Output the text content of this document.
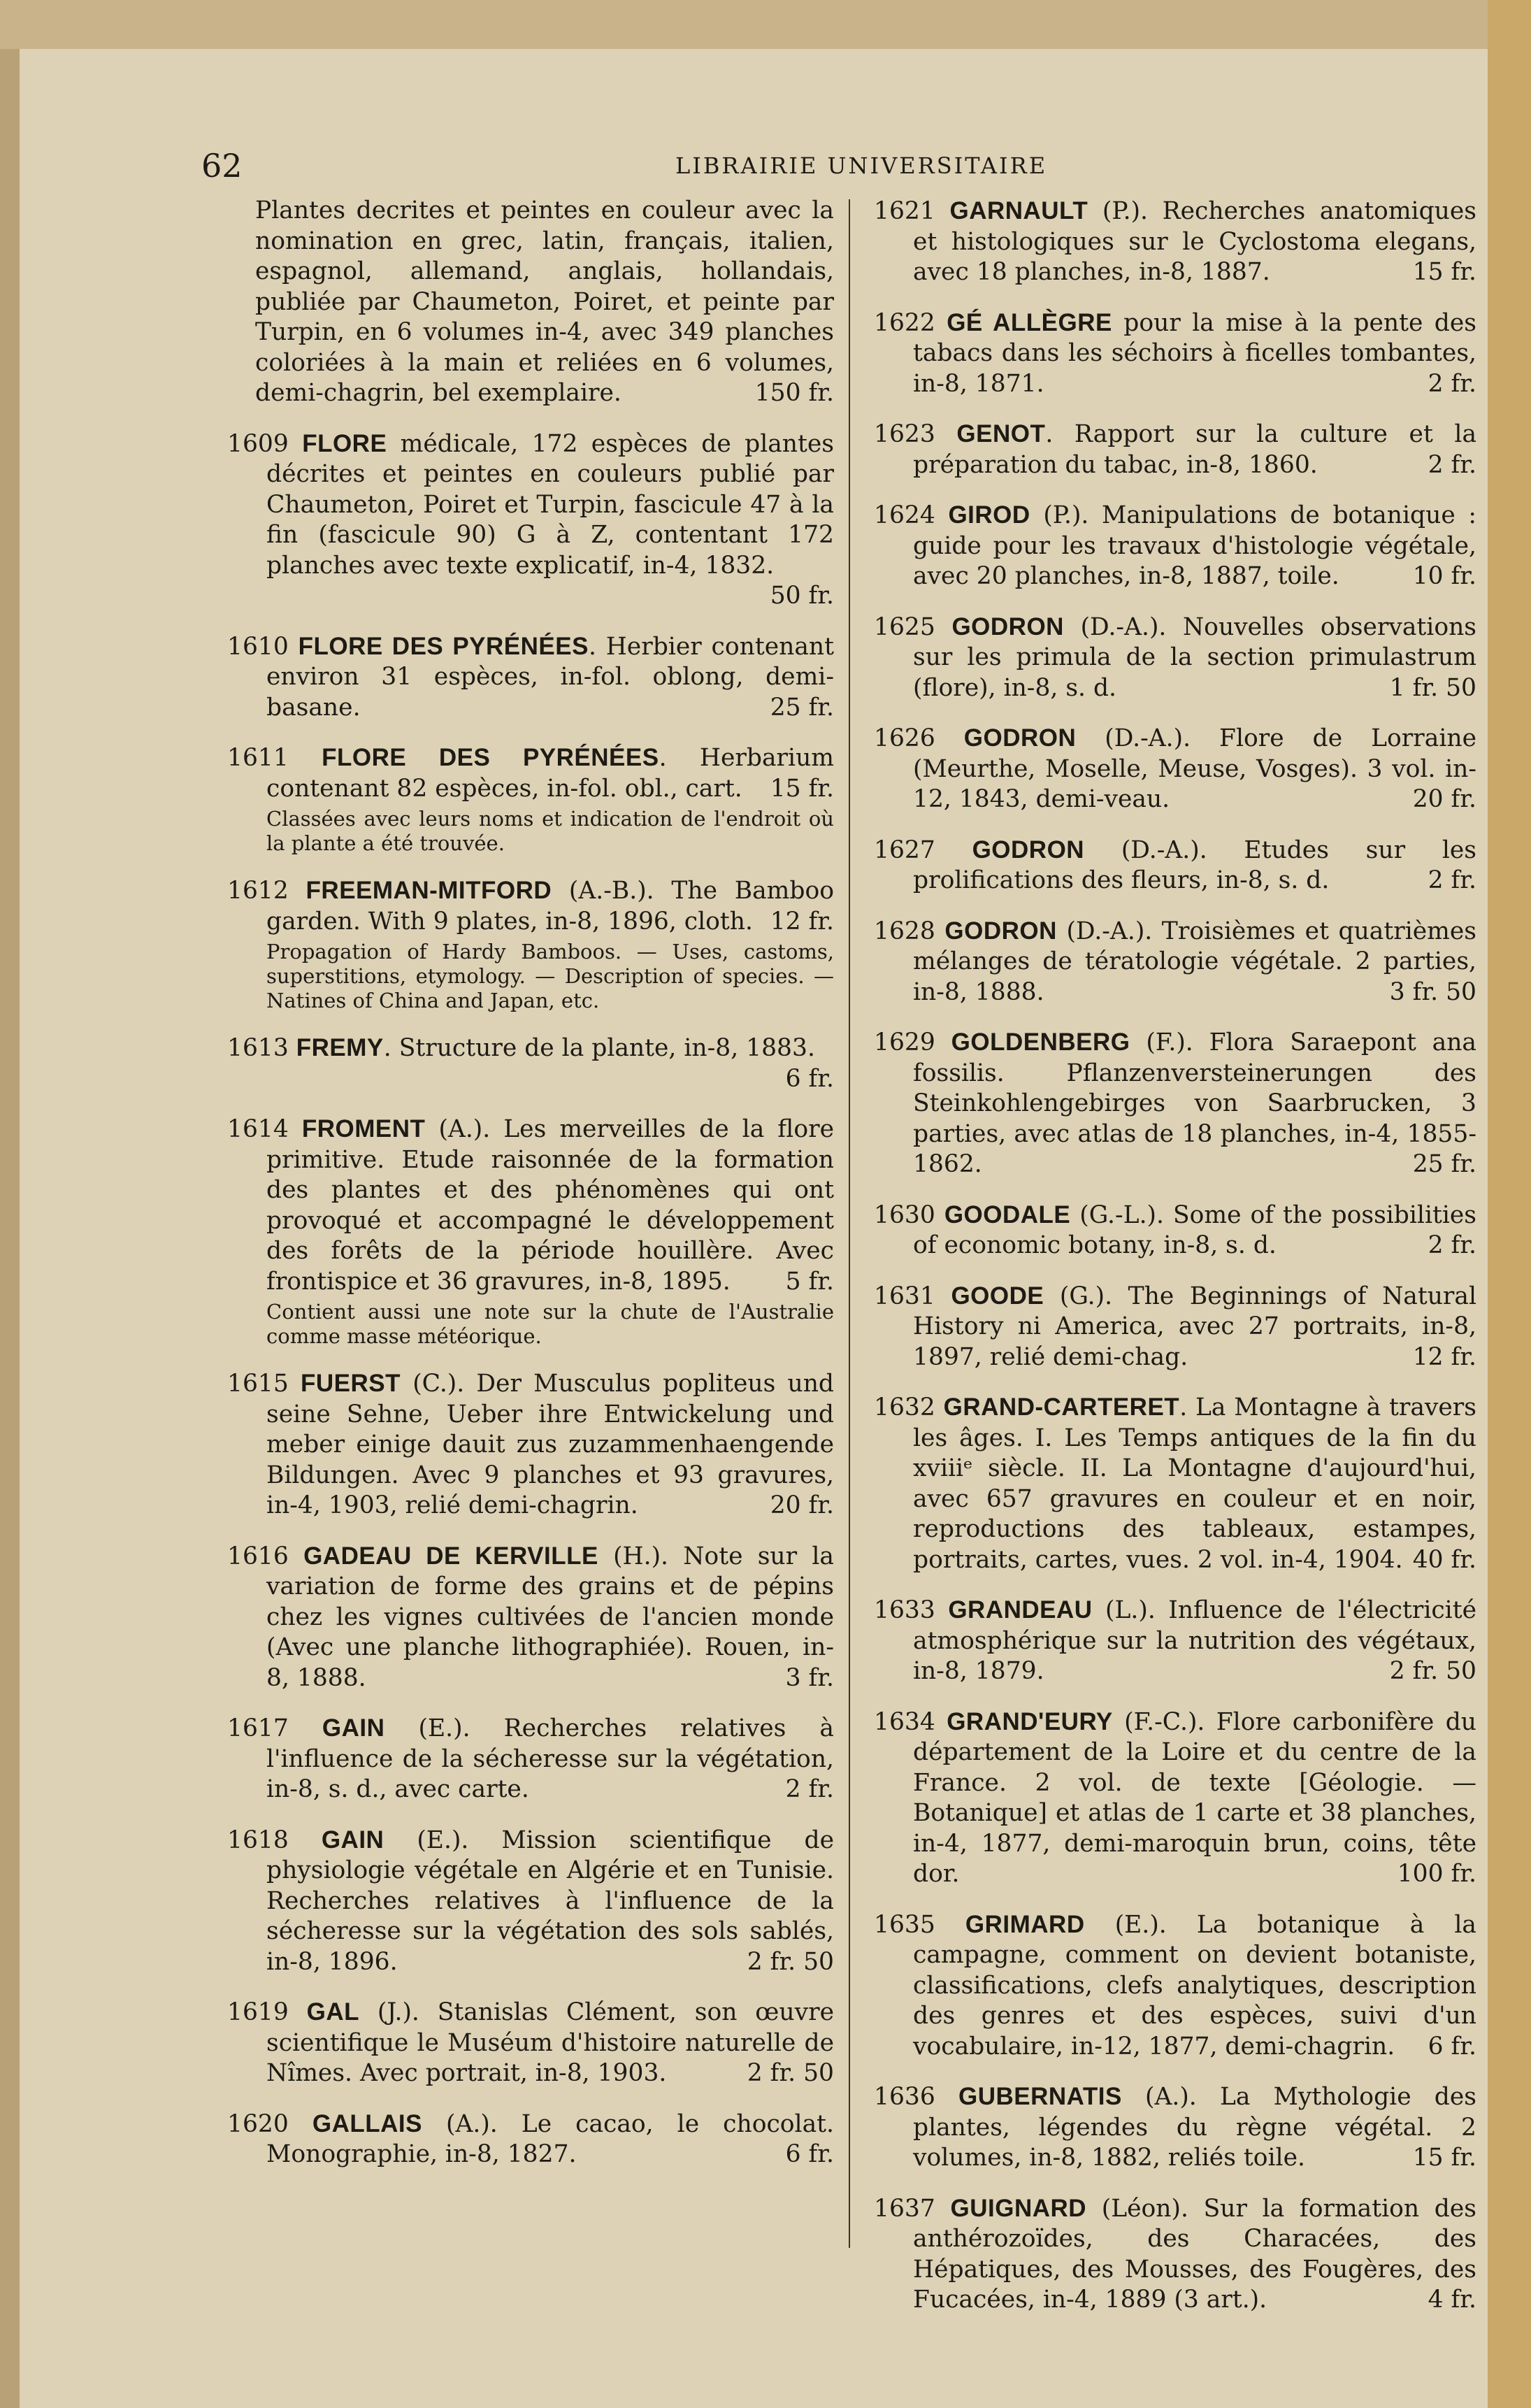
62	LIBRAIRIE UNIVERSITAIRE
Plantes decrites et peintes en couleur avec la nomination en grec, latin, français, italien, espagnol, allemand, anglais, hollandais, publiée par Chaumeton, Poiret, et peinte par Turpin, en 6 volumes in-4, avec 349 planches coloriées à la main et reliées en 6 volumes, demi-chagrin, bel exemplaire.	150 fr.
1609 FLORE médicale, 172 espèces de plantes décrites et peintes en couleurs publié par Chaumeton, Poiret et Turpin, fascicule 47 à la fin (fascicule 90) G à Z, contentant 172 planches avec texte explicatif, in-4, 1832.
50 fr.
1610 FLORE DES PYRÉNÉES. Herbier contenant environ 31 espèces, in-fol. oblong, demi-basane.	25 fr.
1611 FLORE DES PYRÉNÉES. Herbarium contenant 82 espèces, in-fol. obl., cart. 15 fr.
Classées avec leurs noms et indication de l'endroit où la plante a été trouvée.
1612 FREEMAN-MITFORD (A.-B.). The Bamboo garden. With 9 plates, in-8, 1896, cloth. 12 fr.
Propagation of Hardy Bamboos. — Uses, castoms, superstitions, etymology. — Description of species. — Natines of China and Japan, etc.
1613 FREMY. Structure de la plante, in-8, 1883.
6 fr.
1614 FROMENT (A.). Les merveilles de la flore primitive. Etude raisonnée de la formation des plantes et des phénomènes qui ont provoqué et accompagné le développement des forêts de la période houillère. Avec frontispice et 36 gravures, in-8, 1895. 5 fr.
Contient aussi une note sur la chute de l'Australie comme masse météorique.
1615 FUERST (C.). Der Musculus popliteus und seine Sehne, Ueber ihre Entwickelung und meber einige dauit zus zuzammenhaengende Bildungen. Avec 9 planches et 93 gravures, in-4, 1903, relié demi-chagrin.	20 fr.
1616 GADEAU DE KERVILLE (H.). Note sur la variation de forme des grains et de pépins chez les vignes cultivées de l'ancien monde (Avec une planche lithographiée). Rouen, in-8, 1888.	3 fr.
1617 GAIN (E.). Recherches relatives à l'influence de la sécheresse sur la végétation, in-8, s. d., avec carte.	2 fr.
1618 GAIN (E.). Mission scientifique de physiologie végétale en Algérie et en Tunisie. Recherches relatives à l'influence de la sécheresse sur la végétation des sols sablés, in-8, 1896.	2 fr. 50
1619 GAL (J.). Stanislas Clément, son œuvre scientifique le Muséum d'histoire naturelle de Nîmes. Avec portrait, in-8, 1903.	2 fr. 50
1620 GALLAIS (A.). Le cacao, le chocolat. Monographie, in-8, 1827.	6 fr.
1621 GARNAULT (P.). Recherches anatomiques et histologiques sur le Cyclostoma elegans, avec 18 planches, in-8, 1887.	15 fr.
1622 GÉ ALLÈGRE pour la mise à la pente des tabacs dans les séchoirs à ficelles tombantes, in-8, 1871.	2 fr.
1623 GENOT. Rapport sur la culture et la préparation du tabac, in-8, 1860.	2 fr.
1624 GIROD (P.). Manipulations de botanique : guide pour les travaux d'histologie végétale, avec 20 planches, in-8, 1887, toile.	10 fr.
1625 GODRON (D.-A.). Nouvelles observations sur les primula de la section primulastrum (flore), in-8, s. d.	1 fr. 50
1626 GODRON (D.-A.). Flore de Lorraine (Meurthe, Moselle, Meuse, Vosges). 3 vol. in-12, 1843, demi-veau.	20 fr.
1627 GODRON (D.-A.). Etudes sur les prolifications des fleurs, in-8, s. d.	2 fr.
1628 GODRON (D.-A.). Troisièmes et quatrièmes mélanges de tératologie végétale. 2 parties, in-8, 1888.	3 fr. 50
1629 GOLDENBERG (F.). Flora Saraepont ana fossilis. Pflanzenversteinerungen des Steinkohlengebirges von Saarbrucken, 3 parties, avec atlas de 18 planches, in-4, 1855-1862.	25 fr.
1630 GOODALE (G.-L.). Some of the possibilities of economic botany, in-8, s. d.	2 fr.
1631 GOODE (G.). The Beginnings of Natural History ni America, avec 27 portraits, in-8, 1897, relié demi-chag.	12 fr.
1632 GRAND-CARTERET. La Montagne à travers les âges. I. Les Temps antiques de la fin du xviiiᵉ siècle. II. La Montagne d'aujourd'hui, avec 657 gravures en couleur et en noir, reproductions des tableaux, estampes, portraits, cartes, vues. 2 vol. in-4, 1904. 40 fr.
1633 GRANDEAU (L.). Influence de l'électricité atmosphérique sur la nutrition des végétaux, in-8, 1879.	2 fr. 50
1634 GRAND'EURY (F.-C.). Flore carbonifère du département de la Loire et du centre de la France. 2 vol. de texte [Géologie. — Botanique] et atlas de 1 carte et 38 planches, in-4, 1877, demi-maroquin brun, coins, tête dor.	100 fr.
1635 GRIMARD (E.). La botanique à la campagne, comment on devient botaniste, classifications, clefs analytiques, description des genres et des espèces, suivi d'un vocabulaire, in-12, 1877, demi-chagrin. 6 fr.
1636 GUBERNATIS (A.). La Mythologie des plantes, légendes du règne végétal. 2 volumes, in-8, 1882, reliés toile.	15 fr.
1637 GUIGNARD (Léon). Sur la formation des anthérozoïdes, des Characées, des Hépatiques, des Mousses, des Fougères, des Fucacées, in-4, 1889 (3 art.).	4 fr.
